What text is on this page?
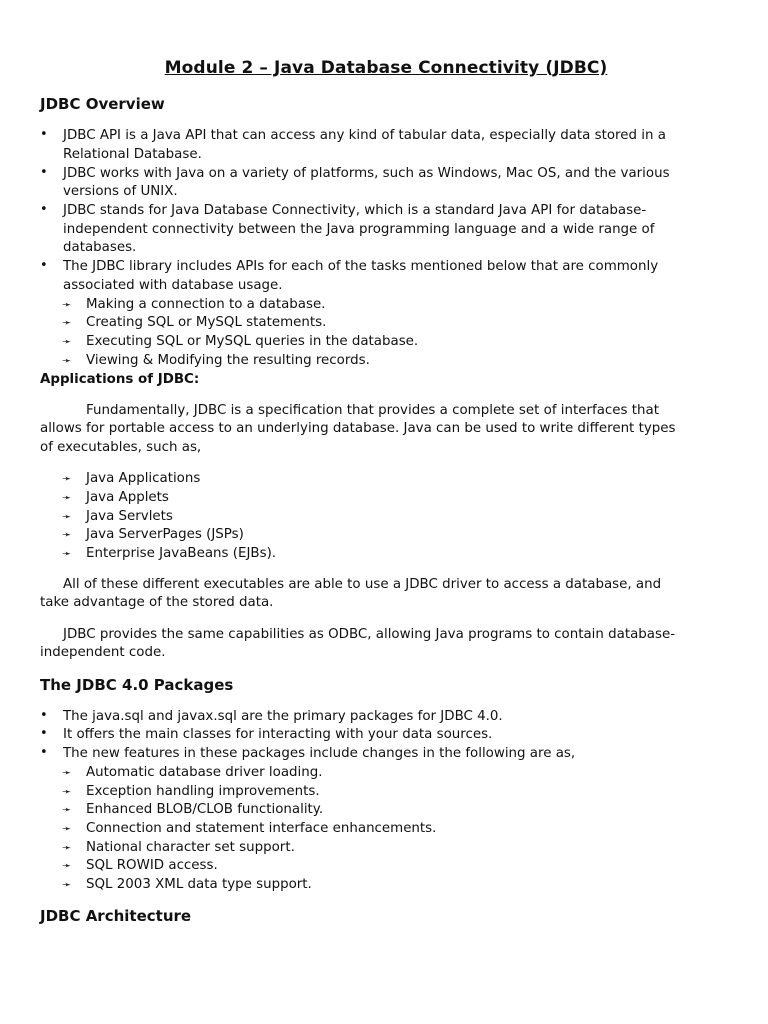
Module 2 – Java Database Connectivity (JDBC)
JDBC Overview
• JDBC API is a Java API that can access any kind of tabular data, especially data stored in a
Relational Database.
• JDBC works with Java on a variety of platforms, such as Windows, Mac OS, and the various
versions of UNIX.
• JDBC stands for Java Database Connectivity, which is a standard Java API for database-
independent connectivity between the Java programming language and a wide range of
databases.
• The JDBC library includes APIs for each of the tasks mentioned below that are commonly
associated with database usage.
➛ Making a connection to a database.
➛ Creating SQL or MySQL statements.
➛ Executing SQL or MySQL queries in the database.
➛ Viewing & Modifying the resulting records.
Applications of JDBC:
Fundamentally, JDBC is a specification that provides a complete set of interfaces that
allows for portable access to an underlying database. Java can be used to write different types
of executables, such as,
➛ Java Applications
➛ Java Applets
➛ Java Servlets
➛ Java ServerPages (JSPs)
➛ Enterprise JavaBeans (EJBs).
All of these different executables are able to use a JDBC driver to access a database, and
take advantage of the stored data.
JDBC provides the same capabilities as ODBC, allowing Java programs to contain database-
independent code.
The JDBC 4.0 Packages
• The java.sql and javax.sql are the primary packages for JDBC 4.0.
• It offers the main classes for interacting with your data sources.
• The new features in these packages include changes in the following are as,
➛ Automatic database driver loading.
➛ Exception handling improvements.
➛ Enhanced BLOB/CLOB functionality.
➛ Connection and statement interface enhancements.
➛ National character set support.
➛ SQL ROWID access.
➛ SQL 2003 XML data type support.
JDBC Architecture
